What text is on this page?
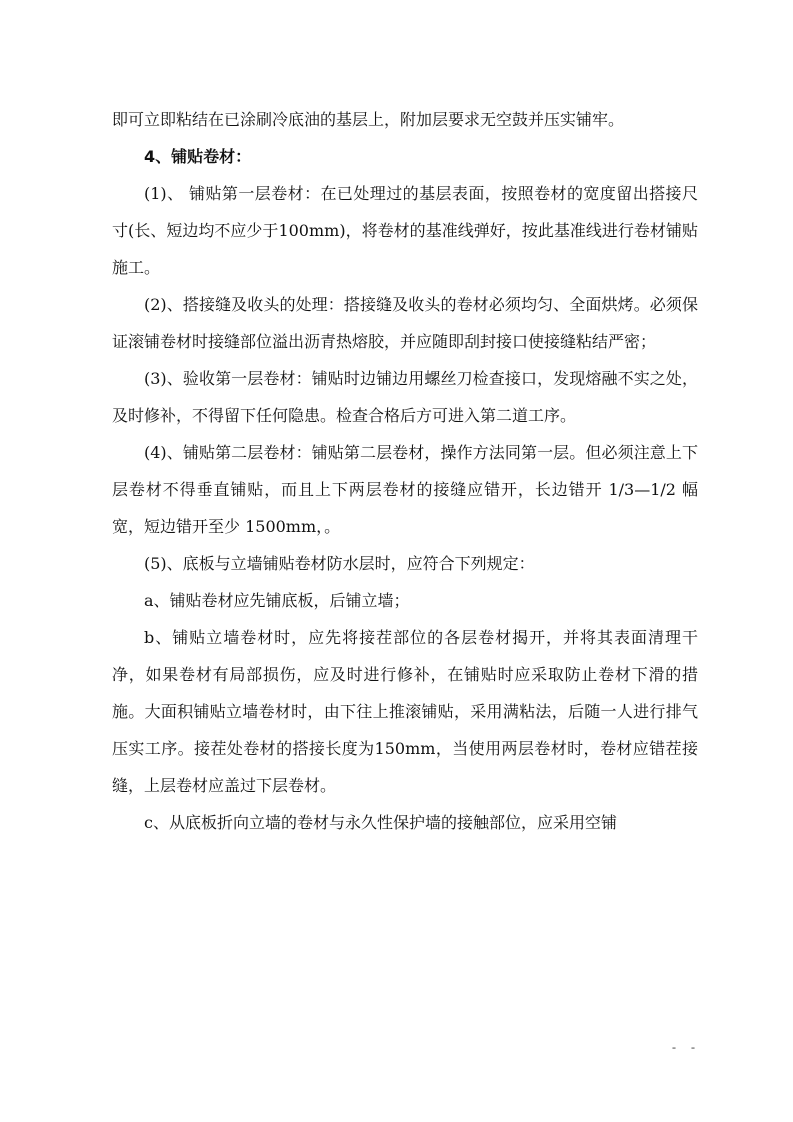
即可立即粘结在已涂刷冷底油的基层上，附加层要求无空鼓并压实铺牢。

4、铺贴卷材：

(1)、 铺贴第一层卷材：在已处理过的基层表面，按照卷材的宽度留出搭接尺寸(长、短边均不应少于100mm)，将卷材的基准线弹好，按此基准线进行卷材铺贴施工。

(2)、搭接缝及收头的处理：搭接缝及收头的卷材必须均匀、全面烘烤。必须保证滚铺卷材时接缝部位溢出沥青热熔胶，并应随即刮封接口使接缝粘结严密；

(3)、验收第一层卷材：铺贴时边铺边用螺丝刀检查接口，发现熔融不实之处，及时修补，不得留下任何隐患。检查合格后方可进入第二道工序。

(4)、铺贴第二层卷材：铺贴第二层卷材，操作方法同第一层。但必须注意上下层卷材不得垂直铺贴，而且上下两层卷材的接缝应错开，长边错开 1/3—1/2 幅宽，短边错开至少 1500mm，。

(5)、底板与立墙铺贴卷材防水层时，应符合下列规定：

a、铺贴卷材应先铺底板，后铺立墙；

b、铺贴立墙卷材时，应先将接茬部位的各层卷材揭开，并将其表面清理干净，如果卷材有局部损伤，应及时进行修补，在铺贴时应采取防止卷材下滑的措施。大面积铺贴立墙卷材时，由下往上推滚铺贴，采用满粘法，后随一人进行排气压实工序。接茬处卷材的搭接长度为150mm，当使用两层卷材时，卷材应错茬接缝，上层卷材应盖过下层卷材。

c、从底板折向立墙的卷材与永久性保护墙的接触部位，应采用空铺

- -
